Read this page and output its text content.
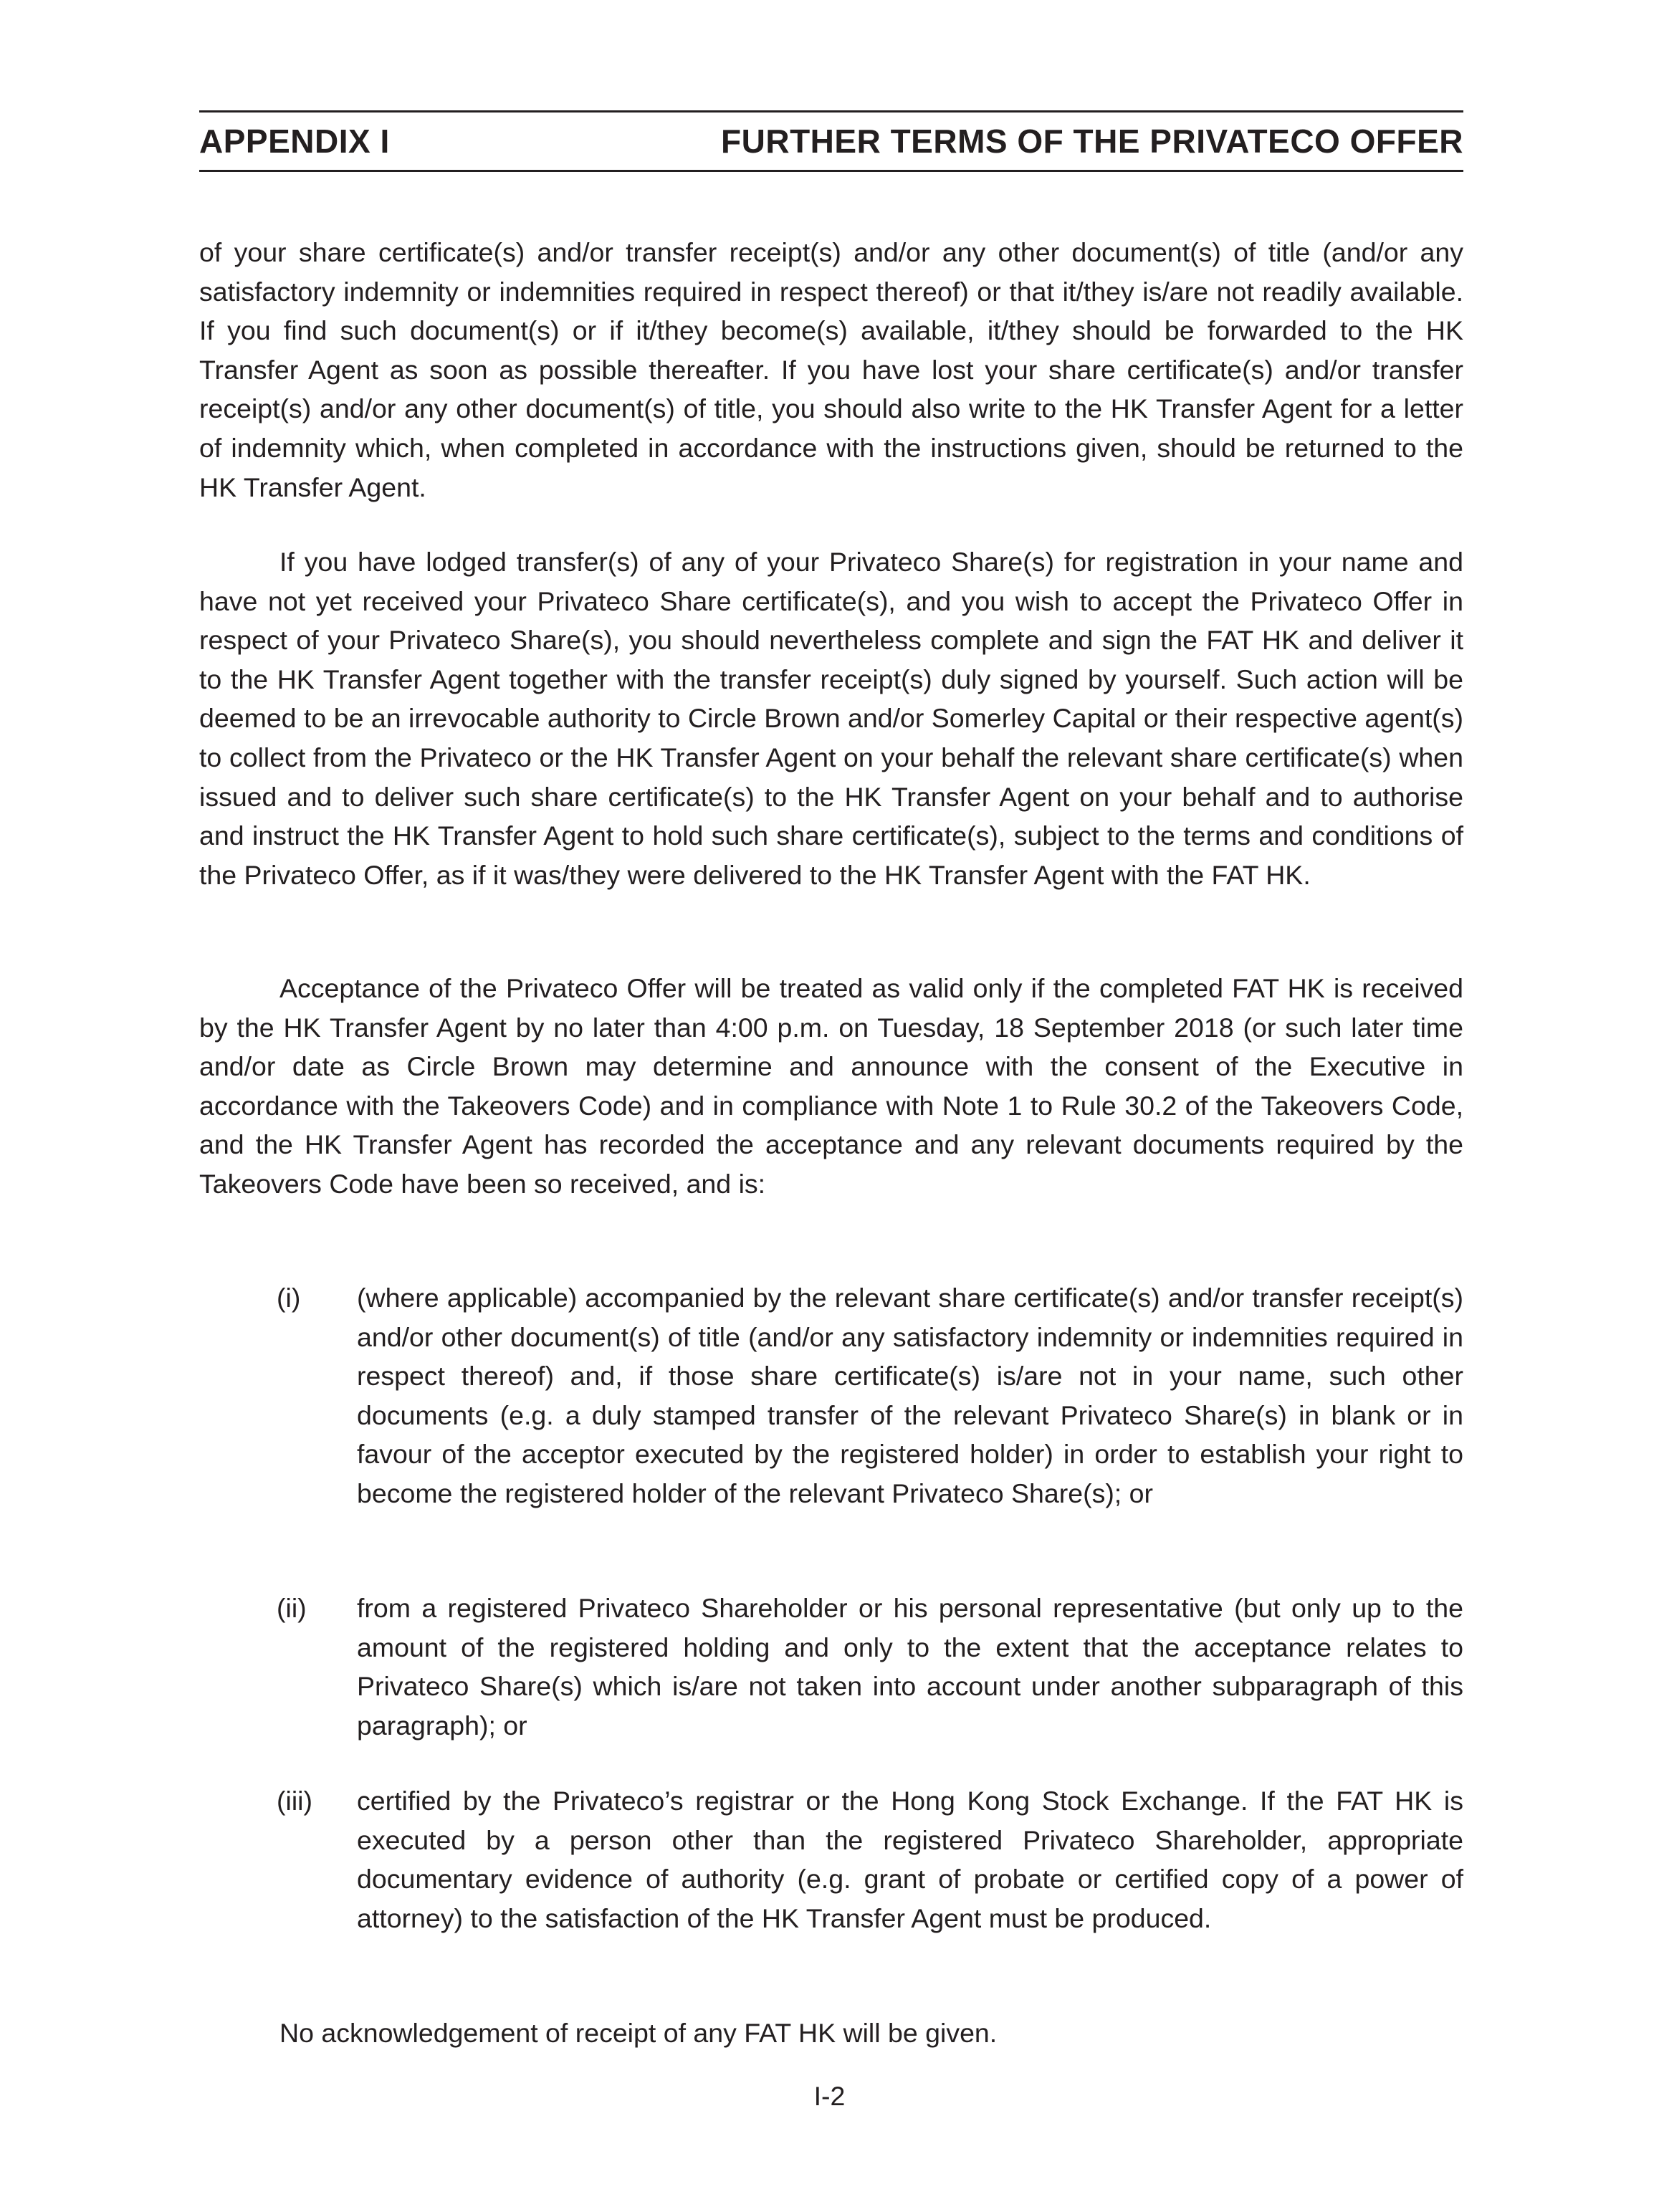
APPENDIX I	FURTHER TERMS OF THE PRIVATECO OFFER

of your share certificate(s) and/or transfer receipt(s) and/or any other document(s) of title (and/or any satisfactory indemnity or indemnities required in respect thereof) or that it/they is/are not readily available. If you find such document(s) or if it/they become(s) available, it/they should be forwarded to the HK Transfer Agent as soon as possible thereafter. If you have lost your share certificate(s) and/or transfer receipt(s) and/or any other document(s) of title, you should also write to the HK Transfer Agent for a letter of indemnity which, when completed in accordance with the instructions given, should be returned to the HK Transfer Agent.

If you have lodged transfer(s) of any of your Privateco Share(s) for registration in your name and have not yet received your Privateco Share certificate(s), and you wish to accept the Privateco Offer in respect of your Privateco Share(s), you should nevertheless complete and sign the FAT HK and deliver it to the HK Transfer Agent together with the transfer receipt(s) duly signed by yourself. Such action will be deemed to be an irrevocable authority to Circle Brown and/or Somerley Capital or their respective agent(s) to collect from the Privateco or the HK Transfer Agent on your behalf the relevant share certificate(s) when issued and to deliver such share certificate(s) to the HK Transfer Agent on your behalf and to authorise and instruct the HK Transfer Agent to hold such share certificate(s), subject to the terms and conditions of the Privateco Offer, as if it was/they were delivered to the HK Transfer Agent with the FAT HK.

Acceptance of the Privateco Offer will be treated as valid only if the completed FAT HK is received by the HK Transfer Agent by no later than 4:00 p.m. on Tuesday, 18 September 2018 (or such later time and/or date as Circle Brown may determine and announce with the consent of the Executive in accordance with the Takeovers Code) and in compliance with Note 1 to Rule 30.2 of the Takeovers Code, and the HK Transfer Agent has recorded the acceptance and any relevant documents required by the Takeovers Code have been so received, and is:

(i) (where applicable) accompanied by the relevant share certificate(s) and/or transfer receipt(s) and/or other document(s) of title (and/or any satisfactory indemnity or indemnities required in respect thereof) and, if those share certificate(s) is/are not in your name, such other documents (e.g. a duly stamped transfer of the relevant Privateco Share(s) in blank or in favour of the acceptor executed by the registered holder) in order to establish your right to become the registered holder of the relevant Privateco Share(s); or
(ii) from a registered Privateco Shareholder or his personal representative (but only up to the amount of the registered holding and only to the extent that the acceptance relates to Privateco Share(s) which is/are not taken into account under another subparagraph of this paragraph); or
(iii) certified by the Privateco’s registrar or the Hong Kong Stock Exchange. If the FAT HK is executed by a person other than the registered Privateco Shareholder, appropriate documentary evidence of authority (e.g. grant of probate or certified copy of a power of attorney) to the satisfaction of the HK Transfer Agent must be produced.
No acknowledgement of receipt of any FAT HK will be given.
I-2
